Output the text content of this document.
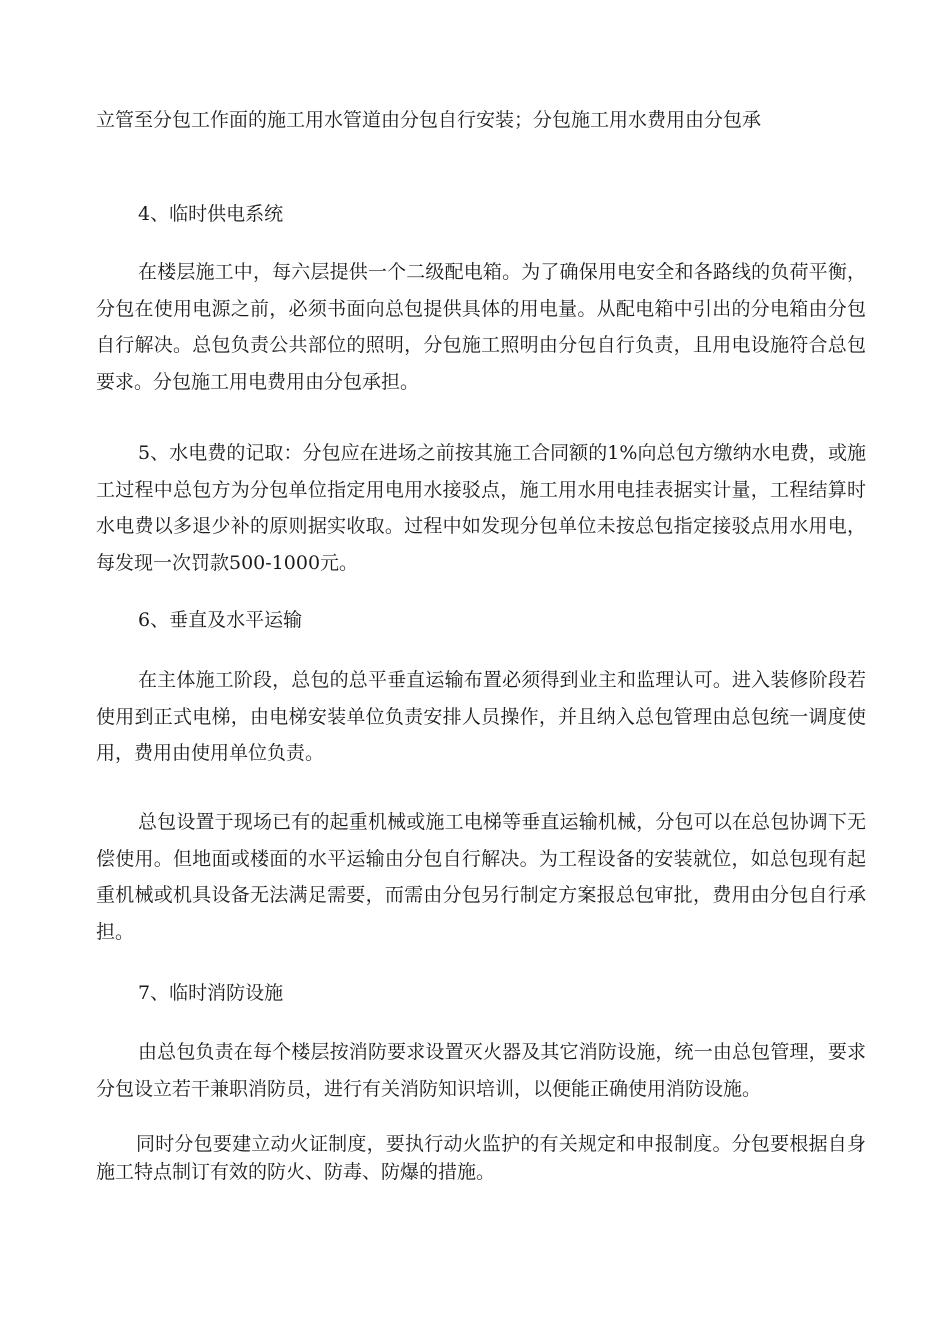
立管至分包工作面的施工用水管道由分包自行安装；分包施工用水费用由分包承
4、临时供电系统
在楼层施工中，每六层提供一个二级配电箱。为了确保用电安全和各路线的负荷平衡，分包在使用电源之前，必须书面向总包提供具体的用电量。从配电箱中引出的分电箱由分包自行解决。总包负责公共部位的照明，分包施工照明由分包自行负责，且用电设施符合总包要求。分包施工用电费用由分包承担。
5、水电费的记取：分包应在进场之前按其施工合同额的1%向总包方缴纳水电费，或施工过程中总包方为分包单位指定用电用水接驳点，施工用水用电挂表据实计量，工程结算时水电费以多退少补的原则据实收取。过程中如发现分包单位未按总包指定接驳点用水用电，每发现一次罚款500-1000元。
6、垂直及水平运输
在主体施工阶段，总包的总平垂直运输布置必须得到业主和监理认可。进入装修阶段若使用到正式电梯，由电梯安装单位负责安排人员操作，并且纳入总包管理由总包统一调度使用，费用由使用单位负责。
总包设置于现场已有的起重机械或施工电梯等垂直运输机械，分包可以在总包协调下无偿使用。但地面或楼面的水平运输由分包自行解决。为工程设备的安装就位，如总包现有起重机械或机具设备无法满足需要，而需由分包另行制定方案报总包审批，费用由分包自行承担。
7、临时消防设施
由总包负责在每个楼层按消防要求设置灭火器及其它消防设施，统一由总包管理，要求分包设立若干兼职消防员，进行有关消防知识培训，以便能正确使用消防设施。
同时分包要建立动火证制度，要执行动火监护的有关规定和申报制度。分包要根据自身施工特点制订有效的防火、防毒、防爆的措施。
